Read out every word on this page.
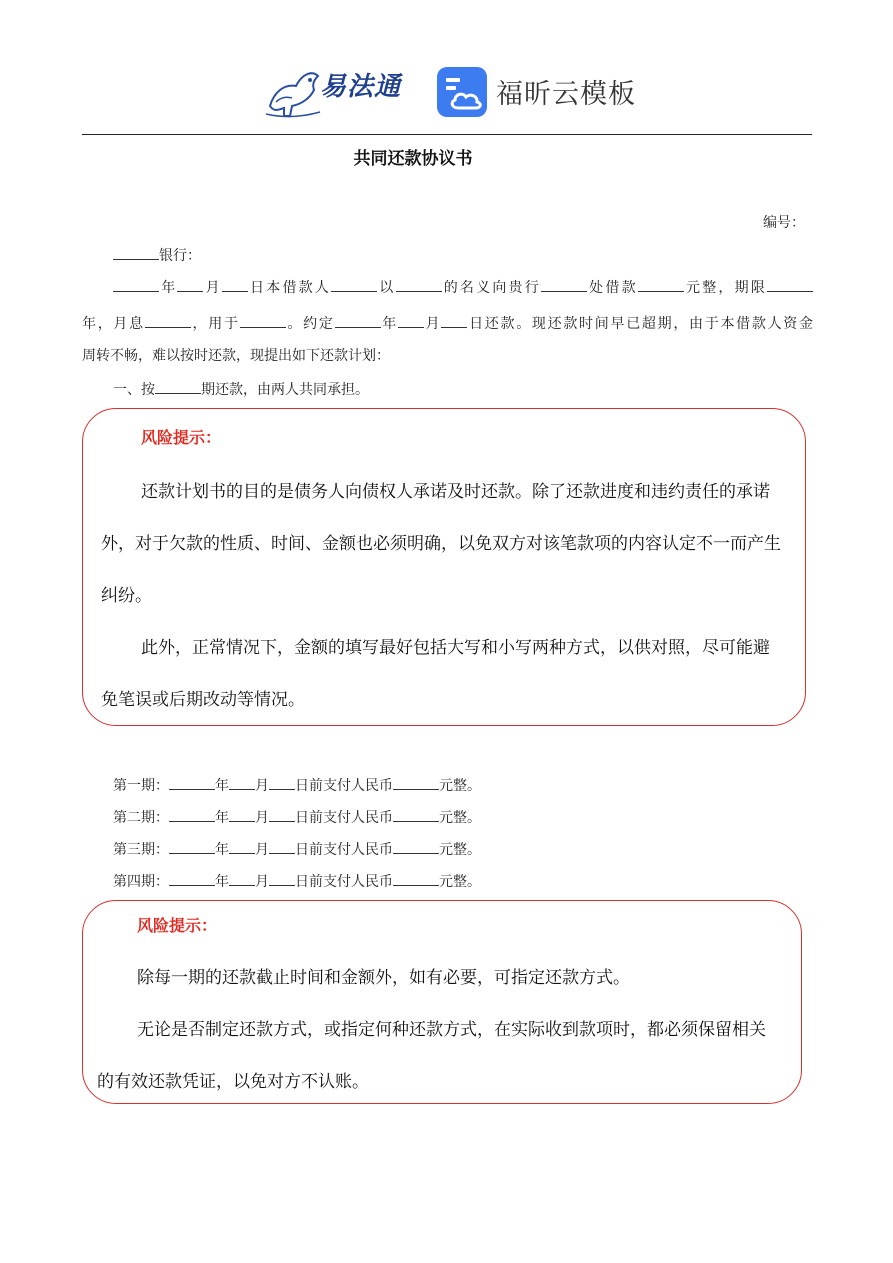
易法通	福昕云模板
共同还款协议书
编号：
银行：
年 月 日本借款人	以	的名义向贵行	处借款	元整，期限
年，月息	，用于	。约定	年 月 日还款。现还款时间早已超期，由于本借款人资金
周转不畅，难以按时还款，现提出如下还款计划：
一、按	期还款，由两人共同承担。
风险提示：
还款计划书的目的是债务人向债权人承诺及时还款。除了还款进度和违约责任的承诺
外，对于欠款的性质、时间、金额也必须明确，以免双方对该笔款项的内容认定不一而产生
纠纷。
此外，正常情况下，金额的填写最好包括大写和小写两种方式，以供对照，尽可能避
免笔误或后期改动等情况。
第一期：	年 月 日前支付人民币	元整。
第二期：	年 月 日前支付人民币	元整。
第三期：	年 月 日前支付人民币	元整。
第四期：	年 月 日前支付人民币	元整。
风险提示：
除每一期的还款截止时间和金额外，如有必要，可指定还款方式。
无论是否制定还款方式，或指定何种还款方式，在实际收到款项时，都必须保留相关
的有效还款凭证，以免对方不认账。
